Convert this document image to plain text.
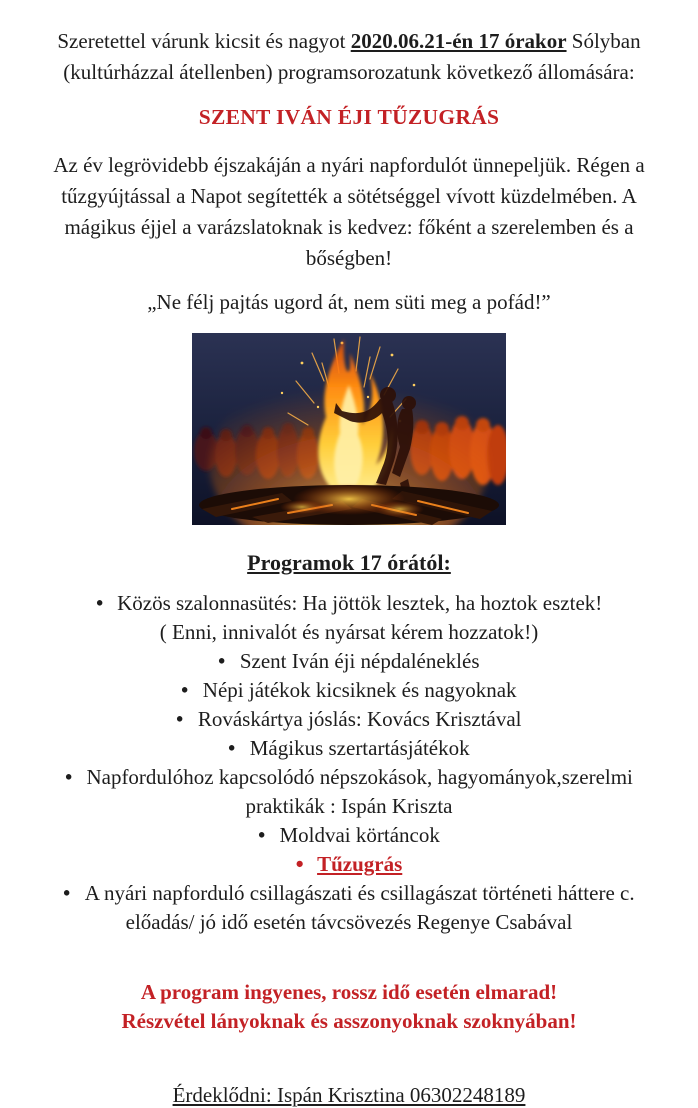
Szeretettel várunk kicsit és nagyot 2020.06.21-én 17 órakor Sólyban (kultúrházzal átellenben) programsorozatunk következő állomására:

SZENT IVÁN ÉJI TŰZUGRÁS

Az év legrövidebb éjszakáján a nyári napfordulót ünnepeljük. Régen a tűzgyújtással a Napot segítették a sötétséggel vívott küzdelmében. A mágikus éjjel a varázslatoknak is kedvez: főként a szerelemben és a bőségben!

„Ne félj pajtás ugord át, nem süti meg a pofád!”

Programok 17 órától:
• Közös szalonnasütés: Ha jöttök lesztek, ha hoztok esztek!
( Enni, innivalót és nyársat kérem hozzatok!)
• Szent Iván éji népdaléneklés
• Népi játékok kicsiknek és nagyoknak
• Rováskártya jóslás: Kovács Krisztával
• Mágikus szertartásjátékok
• Napfordulóhoz kapcsolódó népszokások, hagyományok,szerelmi praktikák : Ispán Kriszta
• Moldvai körtáncok
• Tűzugrás
• A nyári napforduló csillagászati és csillagászat történeti háttere c. előadás/ jó idő esetén távcsövezés Regenye Csabával
A program ingyenes, rossz idő esetén elmarad!
Részvétel lányoknak és asszonyoknak szoknyában!
Érdeklődni: Ispán Krisztina 06302248189
